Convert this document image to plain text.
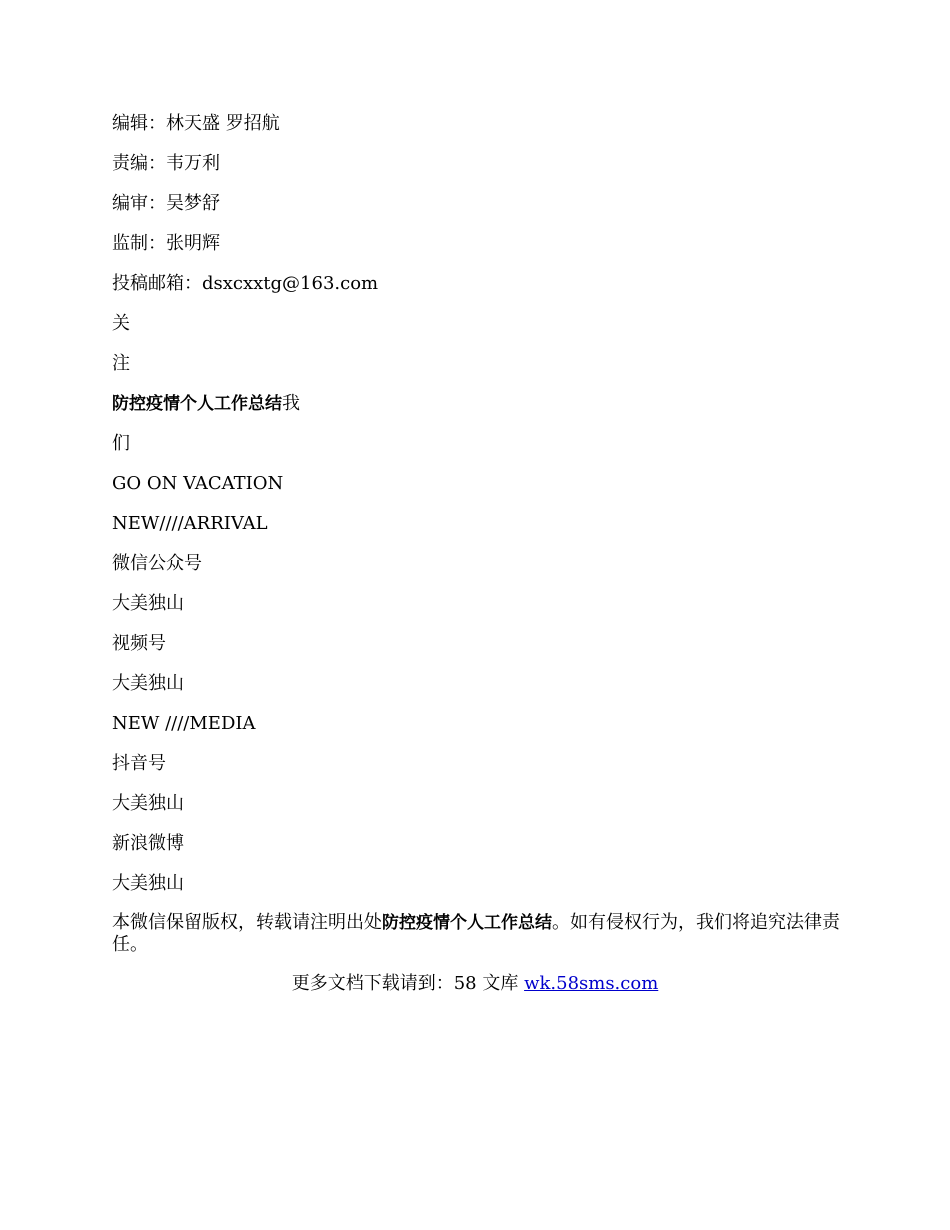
编辑：林天盛 罗招航
责编：韦万利
编审：吴梦舒
监制：张明辉
投稿邮箱：dsxcxxtg@163.com
关
注
防控疫情个人工作总结我
们
GO ON VACATION
NEW////ARRIVAL
微信公众号
大美独山
视频号
大美独山
NEW ////MEDIA
抖音号
大美独山
新浪微博
大美独山
本微信保留版权，转载请注明出处防控疫情个人工作总结。如有侵权行为，我们将追究法律责任。
更多文档下载请到：58 文库 wk.58sms.com
